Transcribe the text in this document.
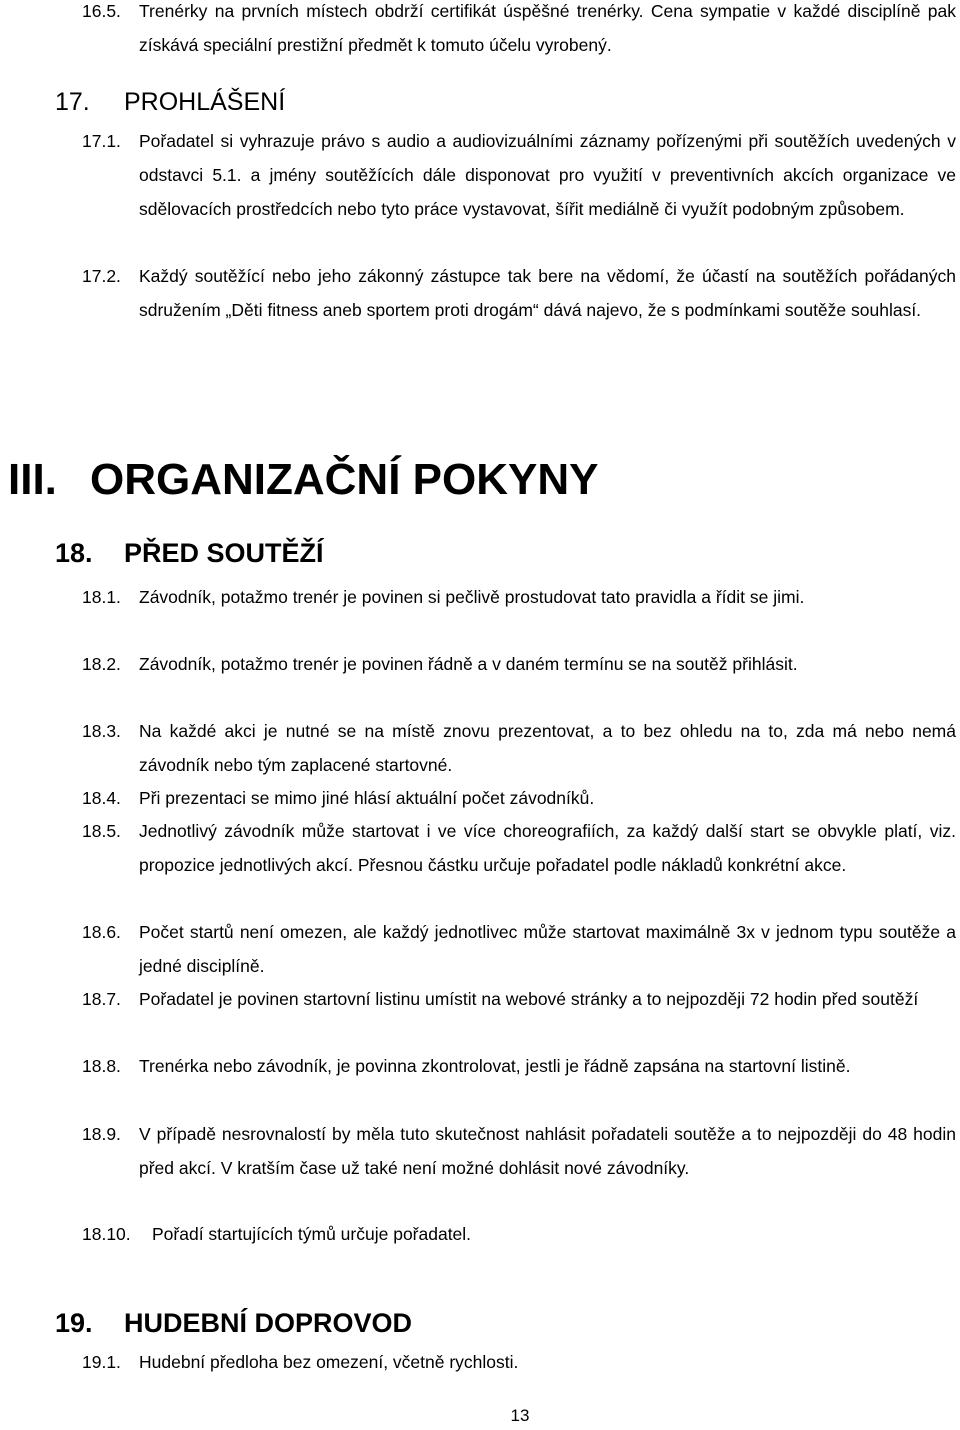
16.5. Trenérky na prvních místech obdrží certifikát úspěšné trenérky. Cena sympatie v každé disciplíně pak získává speciální prestižní předmět k tomuto účelu vyrobený.
17. PROHLÁŠENÍ
17.1. Pořadatel si vyhrazuje právo s audio a audiovizuálními záznamy pořízenými při soutěžích uvedených v odstavci 5.1. a jmény soutěžících dále disponovat pro využití v preventivních akcích organizace ve sdělovacích prostředcích nebo tyto práce vystavovat, šířit mediálně či využít podobným způsobem.
17.2. Každý soutěžící nebo jeho zákonný zástupce tak bere na vědomí, že účastí na soutěžích pořádaných sdružením „Děti fitness aneb sportem proti drogám“ dává najevo, že s podmínkami soutěže souhlasí.
III. ORGANIZAČNÍ POKYNY
18. PŘED SOUTĚŽÍ
18.1. Závodník, potažmo trenér je povinen si pečlivě prostudovat tato pravidla a řídit se jimi.
18.2. Závodník, potažmo trenér je povinen řádně a v daném termínu se na soutěž přihlásit.
18.3. Na každé akci je nutné se na místě znovu prezentovat, a to bez ohledu na to, zda má nebo nemá závodník nebo tým zaplacené startovné.
18.4. Při prezentaci se mimo jiné hlásí aktuální počet závodníků.
18.5. Jednotlivý závodník může startovat i ve více choreografiích, za každý další start se obvykle platí, viz. propozice jednotlivých akcí. Přesnou částku určuje pořadatel podle nákladů konkrétní akce.
18.6. Počet startů není omezen, ale každý jednotlivec může startovat maximálně 3x v jednom typu soutěže a jedné disciplíně.
18.7. Pořadatel je povinen startovní listinu umístit na webové stránky a to nejpozději 72 hodin před soutěží
18.8. Trenérka nebo závodník, je povinna zkontrolovat, jestli je řádně zapsána na startovní listině.
18.9. V případě nesrovnalostí by měla tuto skutečnost nahlásit pořadateli soutěže a to nejpozději do 48 hodin před akcí. V kratším čase už také není možné dohlásit nové závodníky.
18.10. Pořadí startujících týmů určuje pořadatel.
19. HUDEBNÍ DOPROVOD
19.1. Hudební předloha bez omezení, včetně rychlosti.
13
